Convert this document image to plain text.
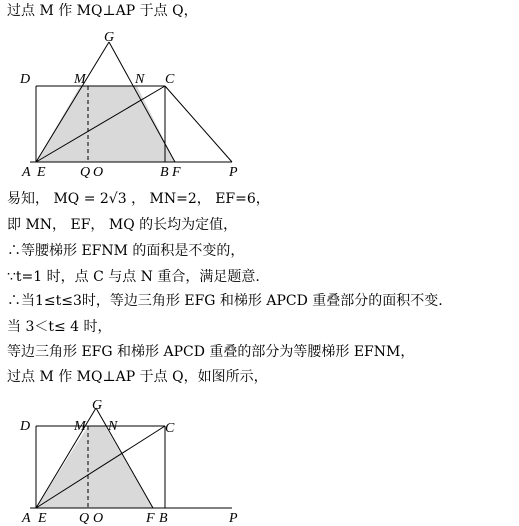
过点 M 作 MQ⊥AP 于点 Q，
G
D	M	N C
A E Q O	B F	P
易知， MQ = 2√3 ， MN=2， EF=6，
即 MN， EF， MQ 的长均为定值，
∴等腰梯形 EFNM 的面积是不变的，
∵t=1 时，点 C 与点 N 重合，满足题意.
∴当1≤t≤3时，等边三角形 EFG 和梯形 APCD 重叠部分的面积不变.
当 3＜t≤ 4 时，
等边三角形 EFG 和梯形 APCD 重叠的部分为等腰梯形 EFNM，
过点 M 作 MQ⊥AP 于点 Q，如图所示，
G
D	M N	C
A E Q O	F B	P
